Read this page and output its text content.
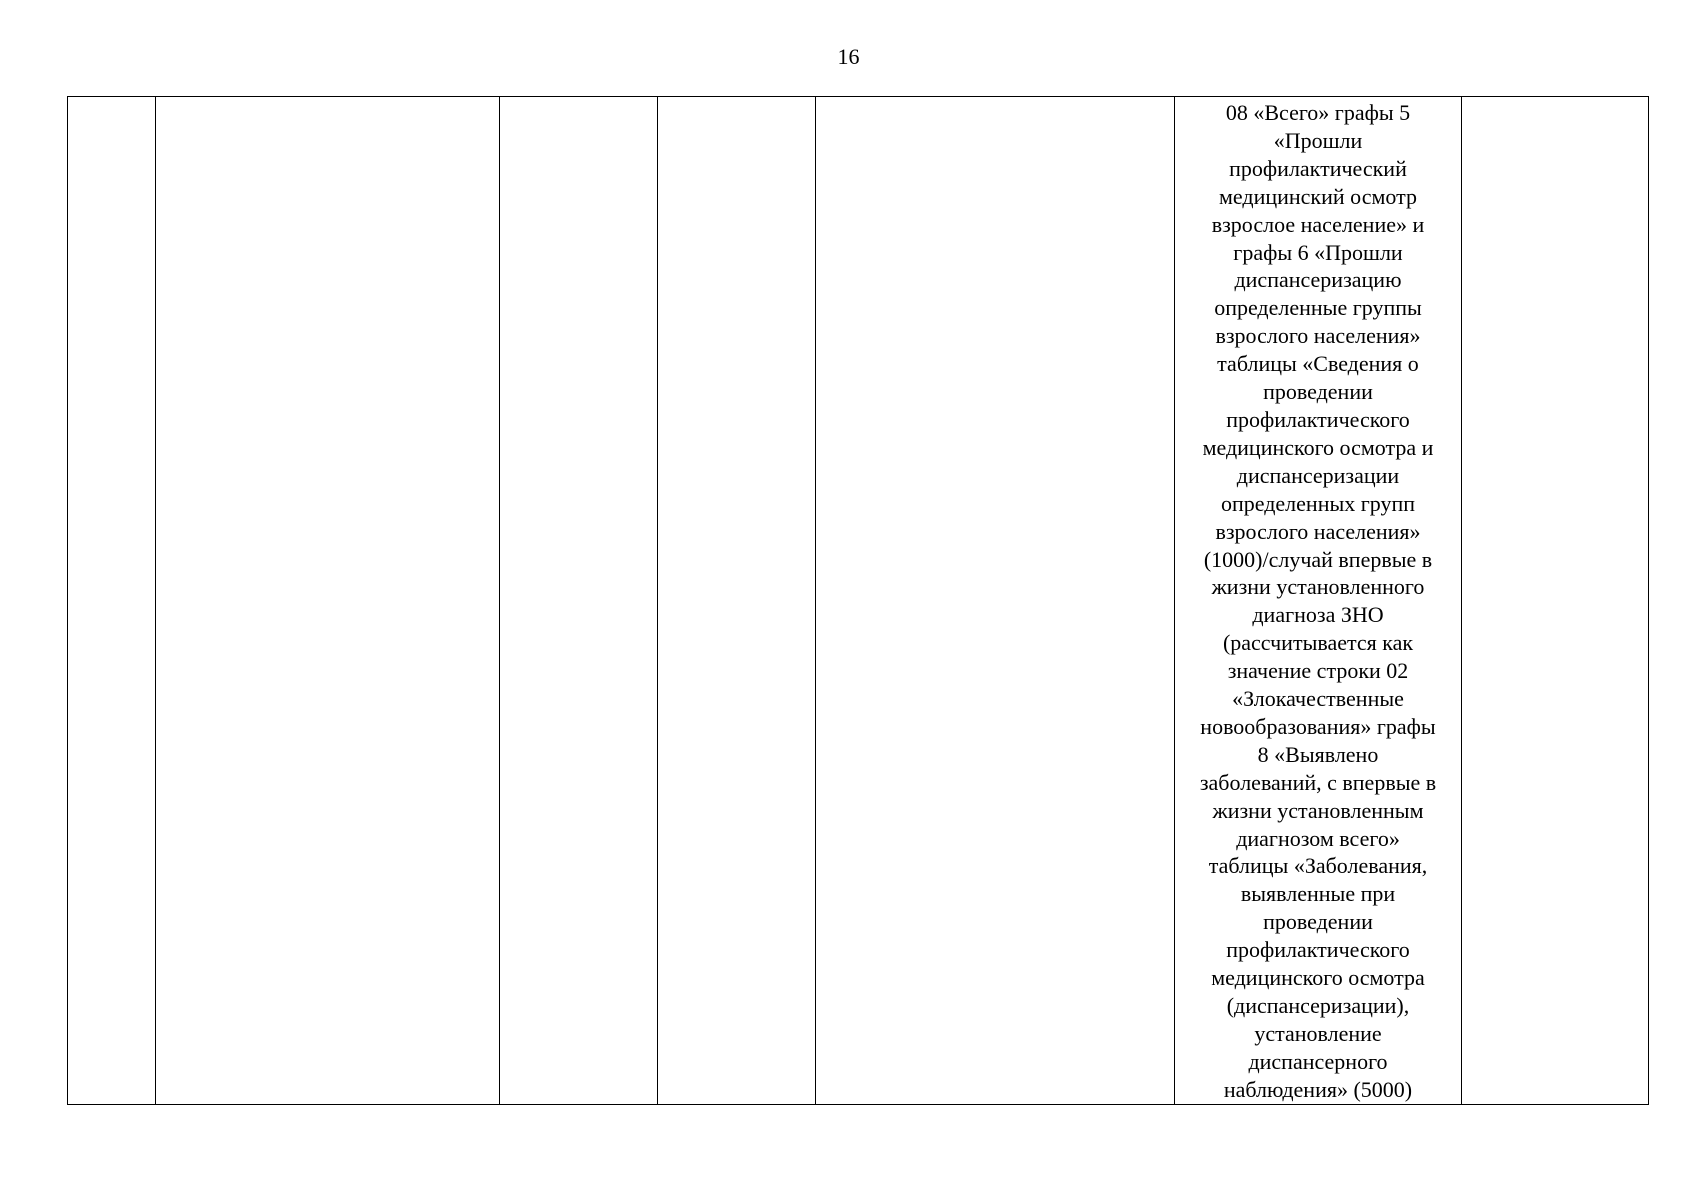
16

08 «Всего» графы 5
«Прошли
профилактический
медицинский осмотр
взрослое население» и
графы 6 «Прошли
диспансеризацию
определенные группы
взрослого населения»
таблицы «Сведения о
проведении
профилактического
медицинского осмотра и
диспансеризации
определенных групп
взрослого населения»
(1000)/случай впервые в
жизни установленного
диагноза ЗНО
(рассчитывается как
значение строки 02
«Злокачественные
новообразования» графы
8 «Выявлено
заболеваний, с впервые в
жизни установленным
диагнозом всего»
таблицы «Заболевания,
выявленные при
проведении
профилактического
медицинского осмотра
(диспансеризации),
установление
диспансерного
наблюдения» (5000)
